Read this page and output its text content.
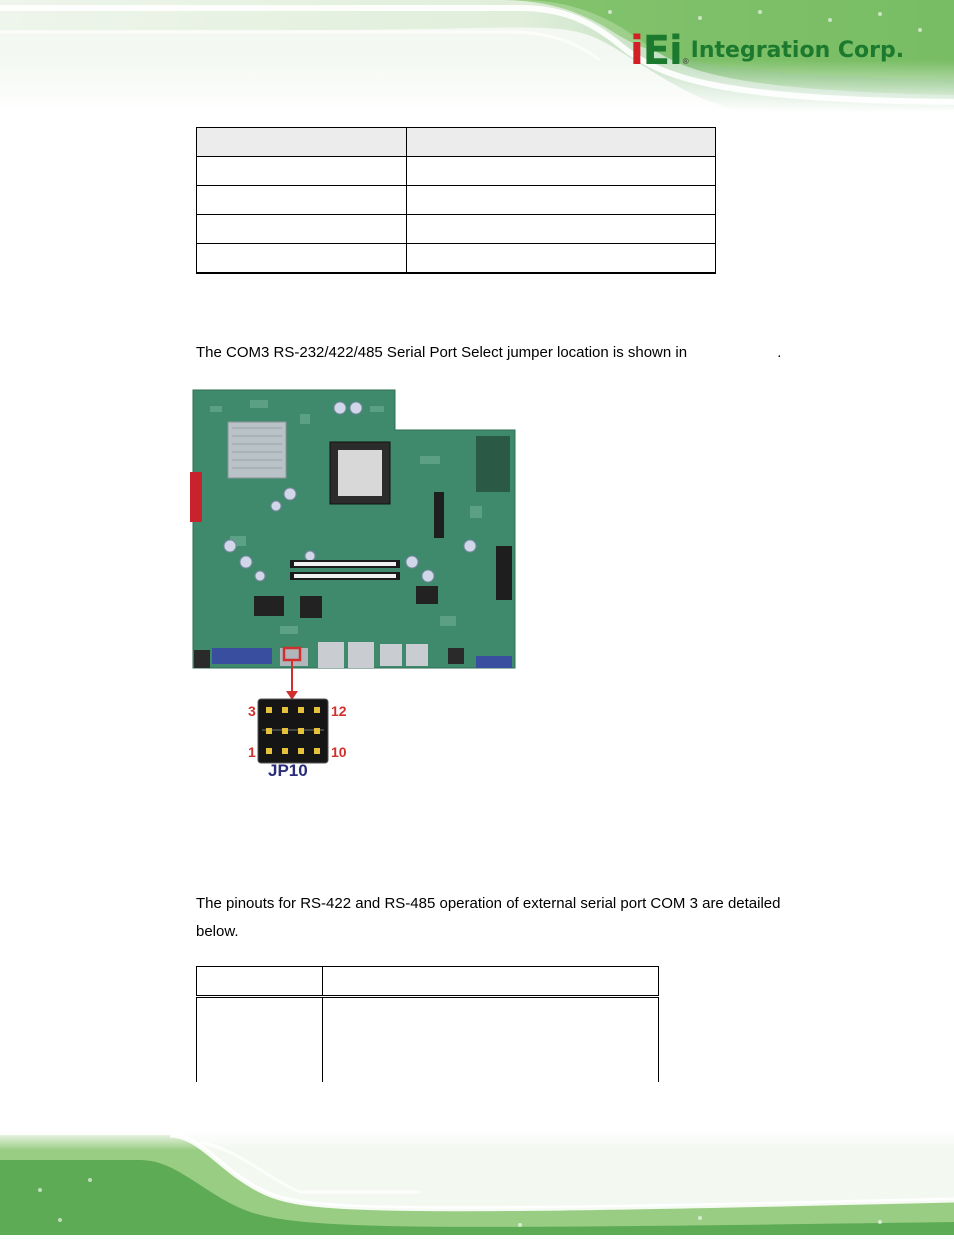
iEi ® Integration Corp.

The COM3 RS-232/422/485 Serial Port Select jumper location is shown in	.
3	12
1	10
JP10
The pinouts for RS-422 and RS-485 operation of external serial port COM 3 are detailed below.
